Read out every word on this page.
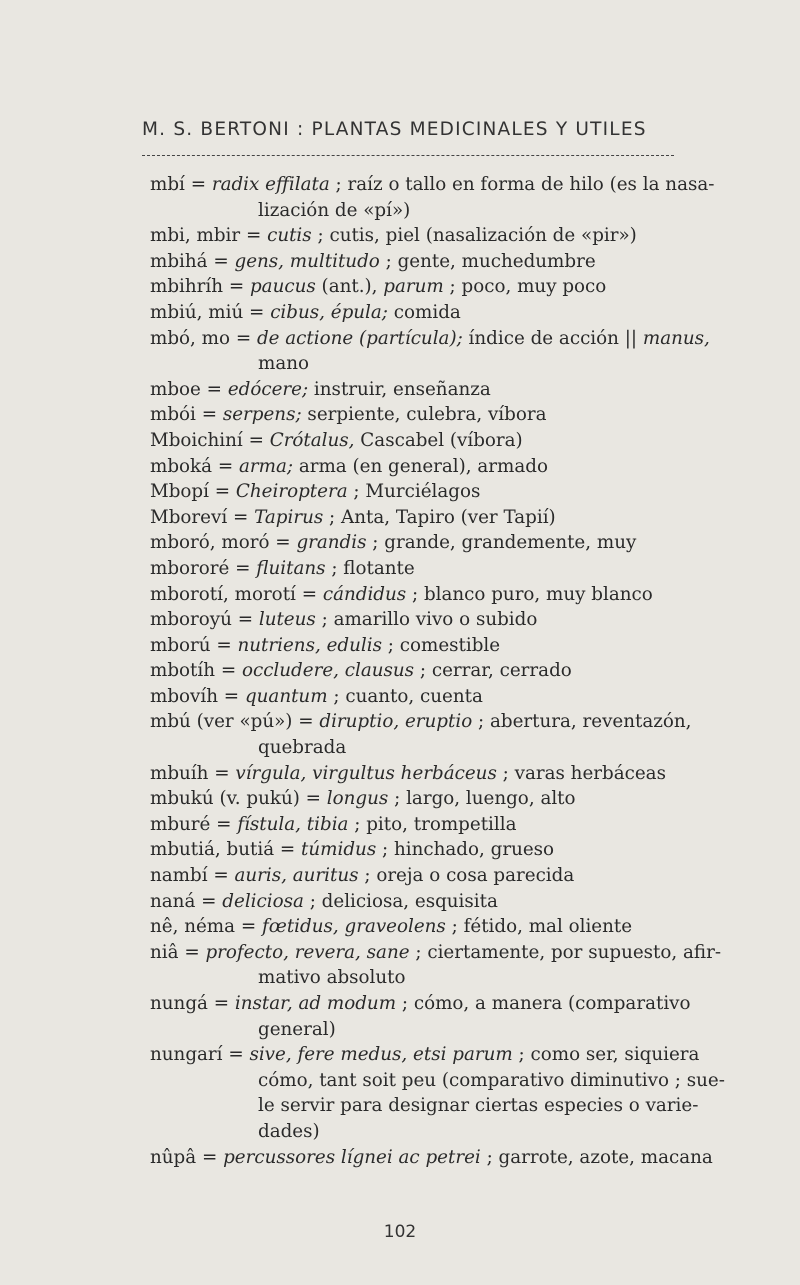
M. S. BERTONI : PLANTAS MEDICINALES Y UTILES
mbí = radix effilata ; raíz o tallo en forma de hilo (es la nasa-
lización de «pí»)
mbi, mbir = cutis ; cutis, piel (nasalización de «pir»)
mbihá = gens, multitudo ; gente, muchedumbre
mbihríh = paucus (ant.), parum ; poco, muy poco
mbiú, miú = cibus, épula; comida
mbó, mo = de actione (partícula); índice de acción || manus,
mano
mboe = edócere; instruir, enseñanza
mbói = serpens; serpiente, culebra, víbora
Mboichiní = Crótalus, Cascabel (víbora)
mboká = arma; arma (en general), armado
Mbopí = Cheiroptera ; Murciélagos
Mboreví = Tapirus ; Anta, Tapiro (ver Tapií)
mboró, moró = grandis ; grande, grandemente, muy
mbororé = fluitans ; flotante
mborotí, morotí = cándidus ; blanco puro, muy blanco
mboroyú = luteus ; amarillo vivo o subido
mború = nutriens, edulis ; comestible
mbotíh = occludere, clausus ; cerrar, cerrado
mbovíh = quantum ; cuanto, cuenta
mbú (ver «pú») = diruptio, eruptio ; abertura, reventazón,
quebrada
mbuíh = vírgula, virgultus herbáceus ; varas herbáceas
mbukú (v. pukú) = longus ; largo, luengo, alto
mburé = fístula, tibia ; pito, trompetilla
mbutiá, butiá = túmidus ; hinchado, grueso
nambí = auris, auritus ; oreja o cosa parecida
naná = deliciosa ; deliciosa, esquisita
nê, néma = fœtidus, graveolens ; fétido, mal oliente
niâ = profecto, revera, sane ; ciertamente, por supuesto, afir-
mativo absoluto
nungá = instar, ad modum ; cómo, a manera (comparativo
general)
nungarí = sive, fere medus, etsi parum ; como ser, siquiera
cómo, tant soit peu (comparativo diminutivo ; sue-
le servir para designar ciertas especies o varie-
dades)
nûpâ = percussores lígnei ac petrei ; garrote, azote, macana
102
